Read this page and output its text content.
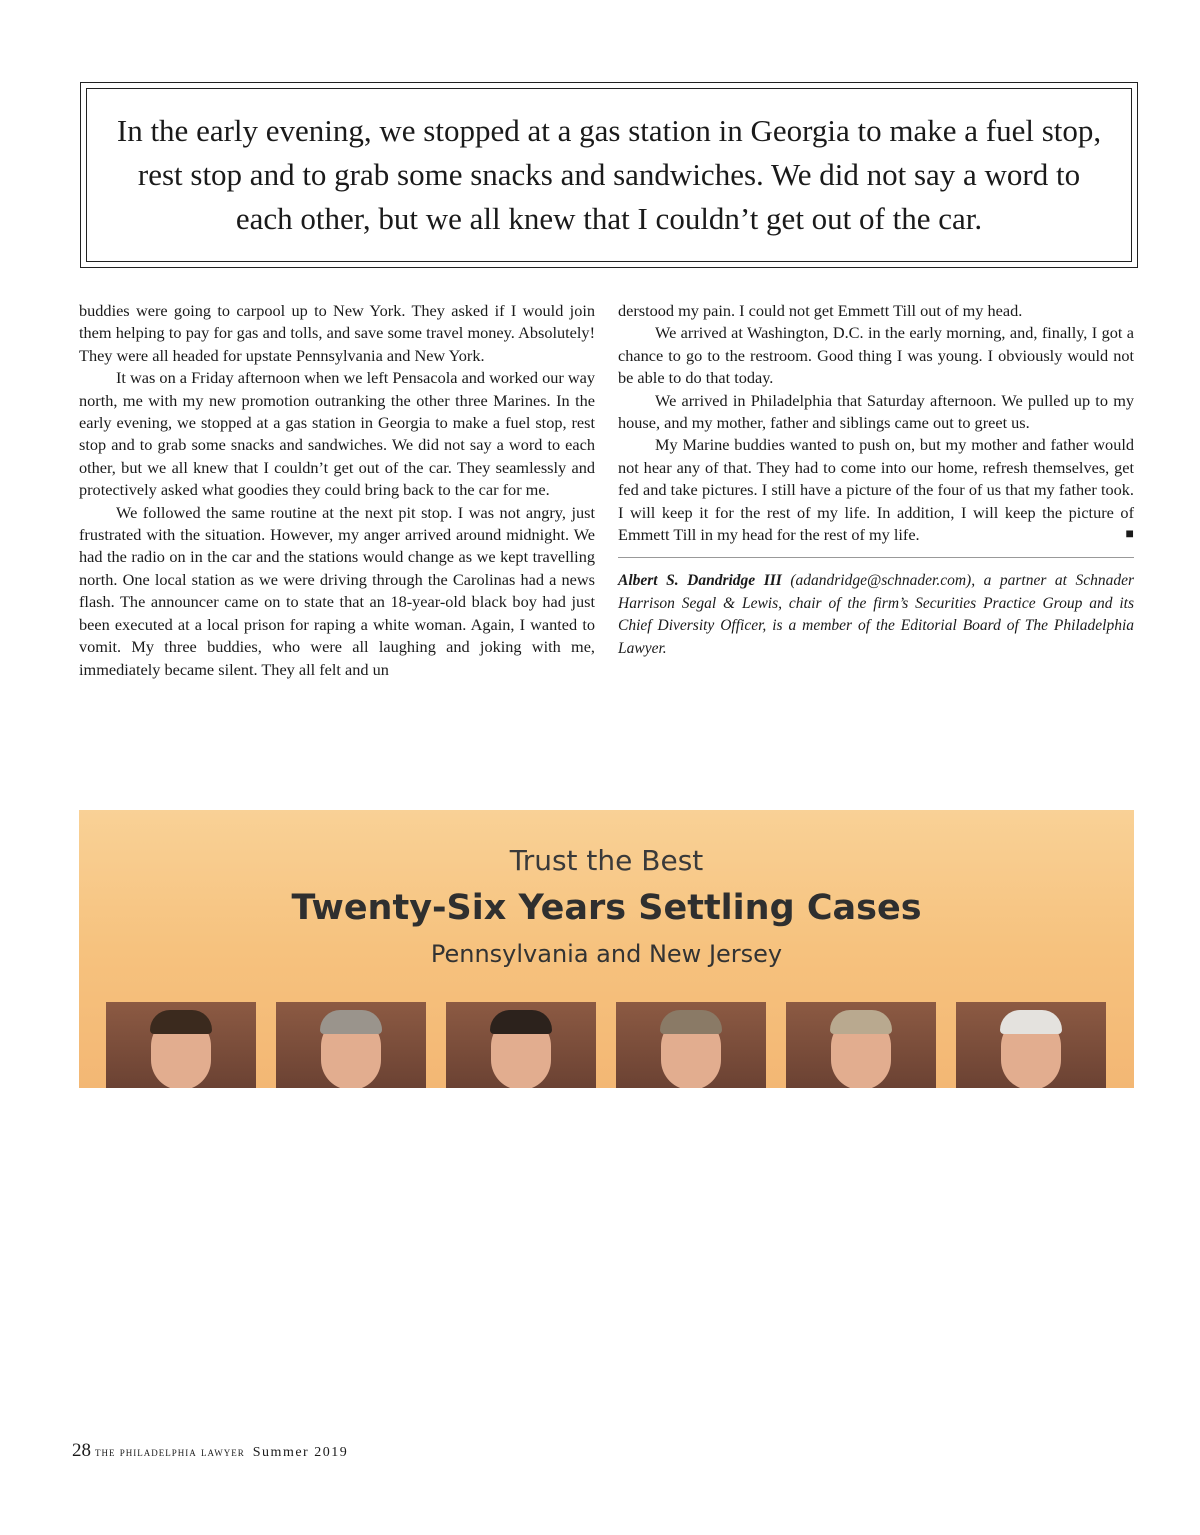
In the early evening, we stopped at a gas station in Georgia to make a fuel stop, rest stop and to grab some snacks and sandwiches. We did not say a word to each other, but we all knew that I couldn’t get out of the car.

buddies were going to carpool up to New York. They asked if I would join them helping to pay for gas and tolls, and save some travel money. Absolutely! They were all headed for upstate Pennsylvania and New York.

It was on a Friday afternoon when we left Pensacola and worked our way north, me with my new promotion outranking the other three Marines. In the early evening, we stopped at a gas station in Georgia to make a fuel stop, rest stop and to grab some snacks and sandwiches. We did not say a word to each other, but we all knew that I couldn’t get out of the car. They seamlessly and protectively asked what goodies they could bring back to the car for me.

We followed the same routine at the next pit stop. I was not angry, just frustrated with the situation. However, my anger arrived around midnight. We had the radio on in the car and the stations would change as we kept travelling north. One local station as we were driving through the Carolinas had a news flash. The announcer came on to state that an 18-year-old black boy had just been executed at a local prison for raping a white woman. Again, I wanted to vomit. My three buddies, who were all laughing and joking with me, immediately became silent. They all felt and un

derstood my pain. I could not get Emmett Till out of my head.

We arrived at Washington, D.C. in the early morning, and, finally, I got a chance to go to the restroom. Good thing I was young. I obviously would not be able to do that today.

We arrived in Philadelphia that Saturday afternoon. We pulled up to my house, and my mother, father and siblings came out to greet us.

My Marine buddies wanted to push on, but my mother and father would not hear any of that. They had to come into our home, refresh themselves, get fed and take pictures. I still have a picture of the four of us that my father took. I will keep it for the rest of my life. In addition, I will keep the picture of Emmett Till in my head for the rest of my life.	■

Albert S. Dandridge III (adandridge@schnader.com), a partner at Schnader Harrison Segal & Lewis, chair of the firm’s Securities Practice Group and its Chief Diversity Officer, is a member of the Editorial Board of The Philadelphia Lawyer.

Trust the Best
Twenty-Six Years Settling Cases
Pennsylvania and New Jersey
28 the philadelphia lawyer Summer 2019
